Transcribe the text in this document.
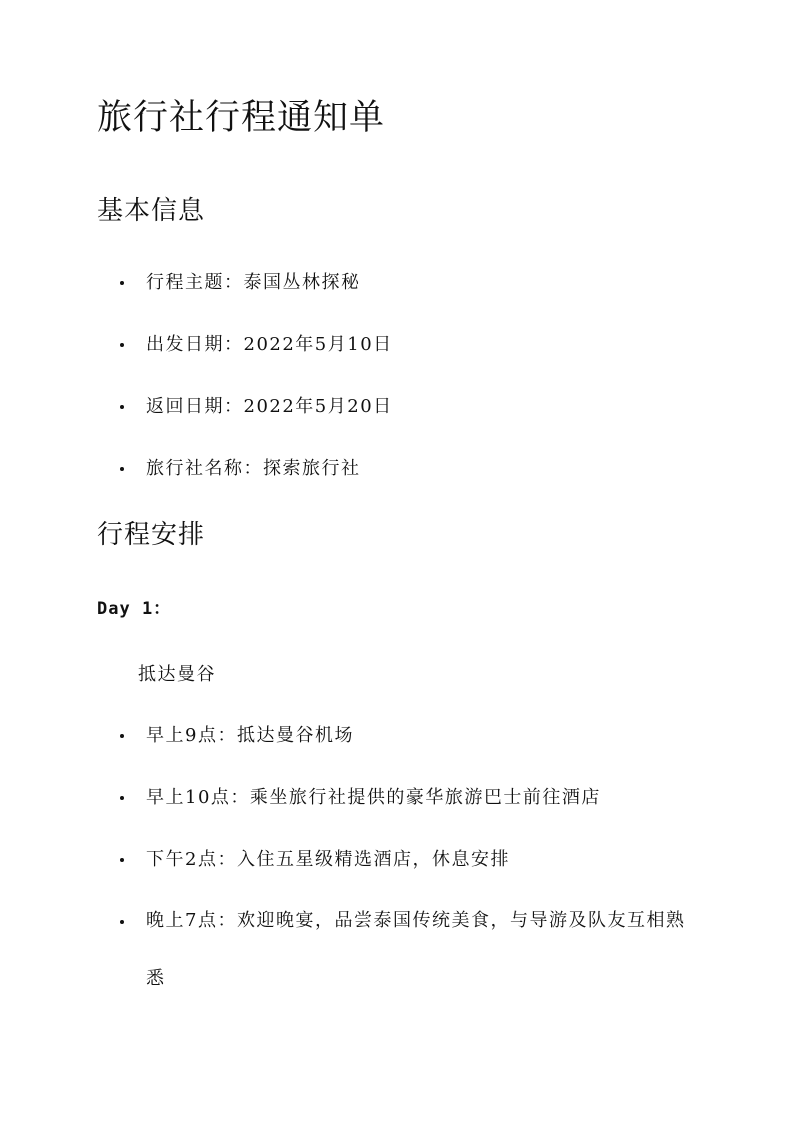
旅行社行程通知单
基本信息
行程主题：泰国丛林探秘
出发日期：2022年5月10日
返回日期：2022年5月20日
旅行社名称：探索旅行社
行程安排
Day 1：

抵达曼谷

早上9点：抵达曼谷机场
早上10点：乘坐旅行社提供的豪华旅游巴士前往酒店
下午2点：入住五星级精选酒店，休息安排
晚上7点：欢迎晚宴，品尝泰国传统美食，与导游及队友互相熟悉
